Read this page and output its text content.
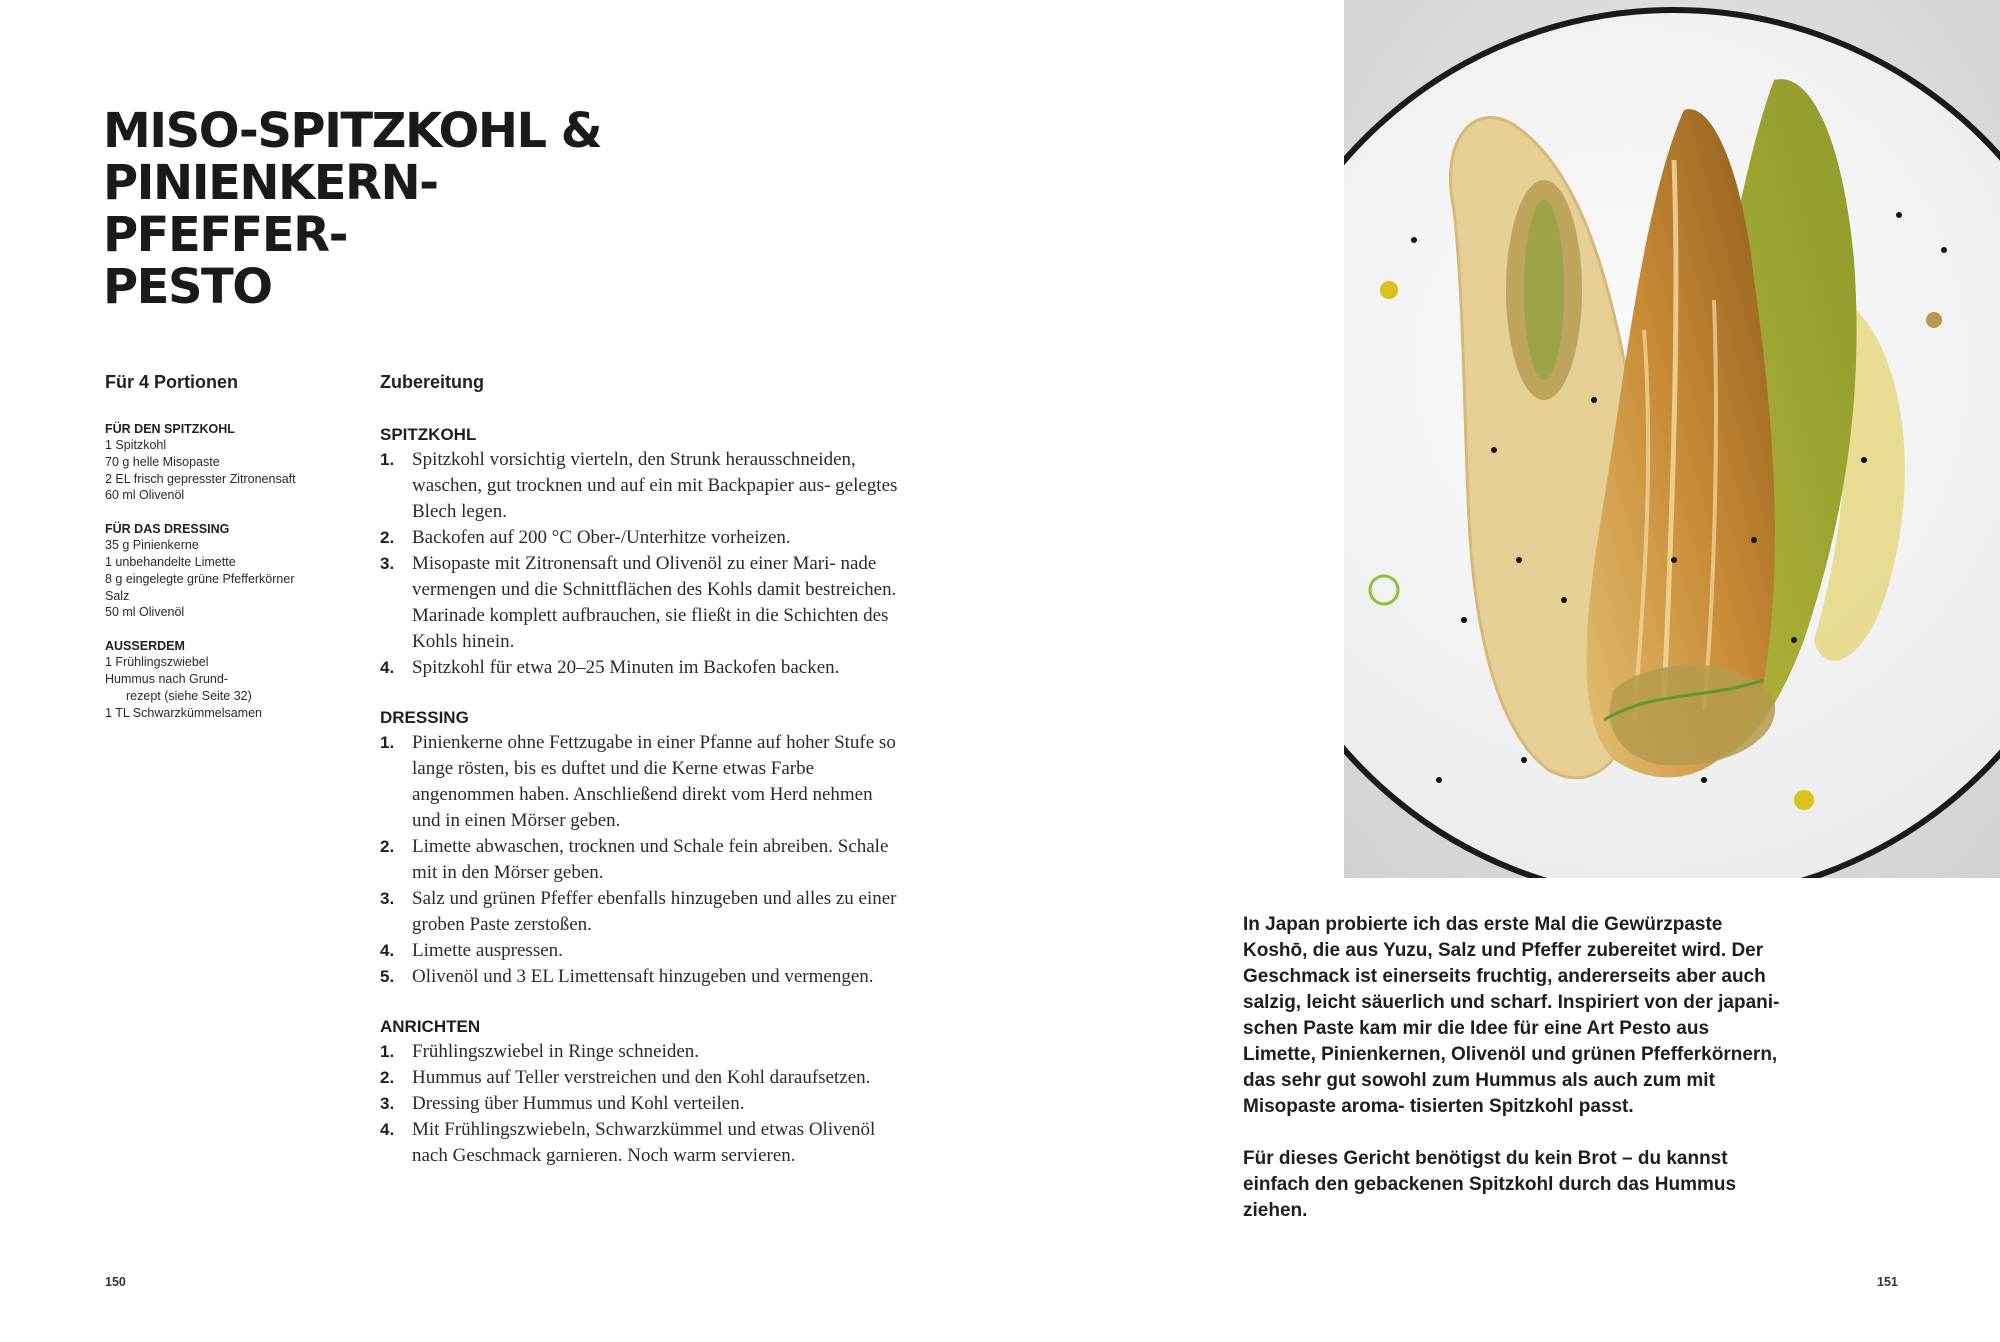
MISO-SPITZKOHL &
PINIENKERN-PFEFFER-
PESTO
Für 4 Portionen
FÜR DEN SPITZKOHL
1 Spitzkohl
70 g helle Misopaste
2 EL frisch gepresster Zitronensaft
60 ml Olivenöl
FÜR DAS DRESSING
35 g Pinienkerne
1 unbehandelte Limette
8 g eingelegte grüne Pfefferkörner
Salz
50 ml Olivenöl
AUSSERDEM
1 Frühlingszwiebel
Hummus nach Grund-
rezept (siehe Seite 32)
1 TL Schwarzkümmelsamen
Zubereitung
SPITZKOHL
1. Spitzkohl vorsichtig vierteln, den Strunk herausschneiden, waschen, gut trocknen und auf ein mit Backpapier aus- gelegtes Blech legen.
2. Backofen auf 200 °C Ober-/Unterhitze vorheizen.
3. Misopaste mit Zitronensaft und Olivenöl zu einer Mari- nade vermengen und die Schnittflächen des Kohls damit bestreichen. Marinade komplett aufbrauchen, sie fließt in die Schichten des Kohls hinein.
4. Spitzkohl für etwa 20–25 Minuten im Backofen backen.
DRESSING
1. Pinienkerne ohne Fettzugabe in einer Pfanne auf hoher Stufe so lange rösten, bis es duftet und die Kerne etwas Farbe angenommen haben. Anschließend direkt vom Herd nehmen und in einen Mörser geben.
2. Limette abwaschen, trocknen und Schale fein abreiben. Schale mit in den Mörser geben.
3. Salz und grünen Pfeffer ebenfalls hinzugeben und alles zu einer groben Paste zerstoßen.
4. Limette auspressen.
5. Olivenöl und 3 EL Limettensaft hinzugeben und vermengen.
ANRICHTEN
1. Frühlingszwiebel in Ringe schneiden.
2. Hummus auf Teller verstreichen und den Kohl daraufsetzen.
3. Dressing über Hummus und Kohl verteilen.
4. Mit Frühlingszwiebeln, Schwarzkümmel und etwas Olivenöl nach Geschmack garnieren. Noch warm servieren.

In Japan probierte ich das erste Mal die Gewürzpaste Koshō, die aus Yuzu, Salz und Pfeffer zubereitet wird. Der Geschmack ist einerseits fruchtig, andererseits aber auch salzig, leicht säuerlich und scharf. Inspiriert von der japani- schen Paste kam mir die Idee für eine Art Pesto aus Limette, Pinienkernen, Olivenöl und grünen Pfefferkörnern, das sehr gut sowohl zum Hummus als auch zum mit Misopaste aroma- tisierten Spitzkohl passt.

Für dieses Gericht benötigst du kein Brot – du kannst einfach den gebackenen Spitzkohl durch das Hummus ziehen.

150	151
